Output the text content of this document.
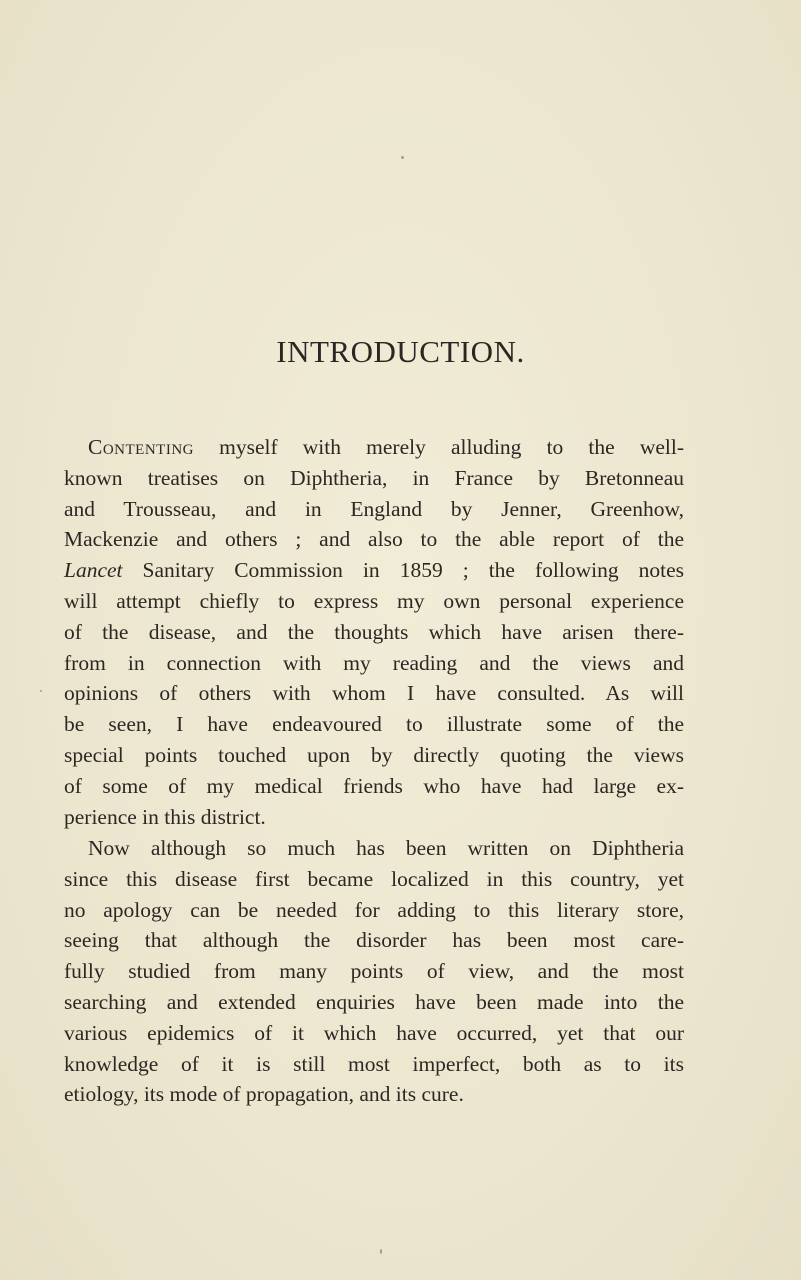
INTRODUCTION.
Contenting myself with merely alluding to the well-
known treatises on Diphtheria, in France by Bretonneau
and Trousseau, and in England by Jenner, Greenhow,
Mackenzie and others ; and also to the able report of the
Lancet Sanitary Commission in 1859 ; the following notes
will attempt chiefly to express my own personal experience
of the disease, and the thoughts which have arisen there-
from in connection with my reading and the views and
opinions of others with whom I have consulted. As will
be seen, I have endeavoured to illustrate some of the
special points touched upon by directly quoting the views
of some of my medical friends who have had large ex-
perience in this district.
Now although so much has been written on Diphtheria
since this disease first became localized in this country, yet
no apology can be needed for adding to this literary store,
seeing that although the disorder has been most care-
fully studied from many points of view, and the most
searching and extended enquiries have been made into the
various epidemics of it which have occurred, yet that our
knowledge of it is still most imperfect, both as to its
etiology, its mode of propagation, and its cure.
